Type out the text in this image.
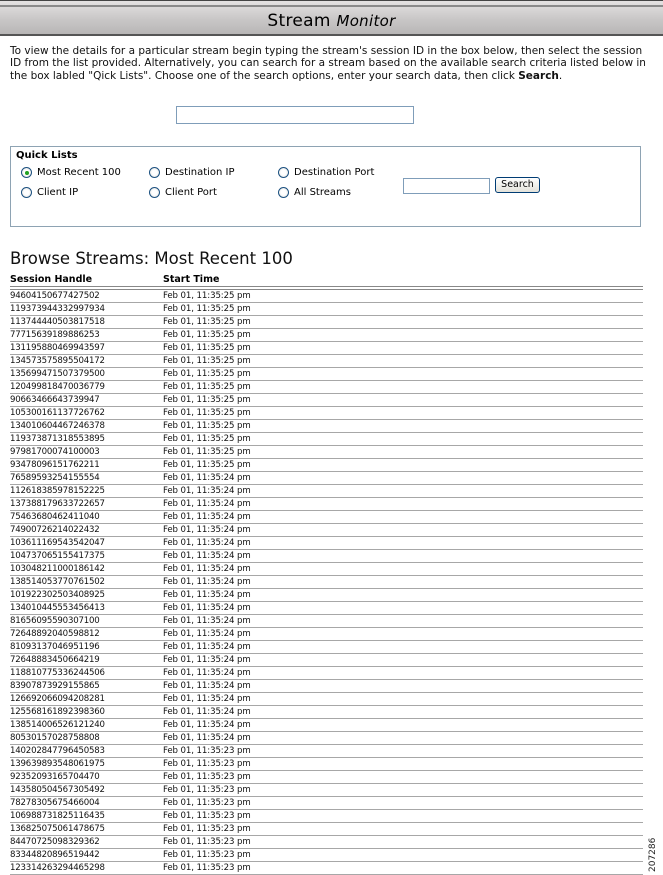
Stream Monitor
To view the details for a particular stream begin typing the stream's session ID in the box below, then select the session ID from the list provided. Alternatively, you can search for a stream based on the available search criteria listed below in the box labled "Qick Lists". Choose one of the search options, enter your search data, then click Search.
Quick Lists
Most Recent 100	Destination IP	Destination Port
Client IP	Client Port	All Streams
Search
Browse Streams: Most Recent 100
Session Handle	Start Time
94604150677427502	Feb 01, 11:35:25 pm
119373944332997934	Feb 01, 11:35:25 pm
113744440503817518	Feb 01, 11:35:25 pm
77715639189886253	Feb 01, 11:35:25 pm
131195880469943597	Feb 01, 11:35:25 pm
134573575895504172	Feb 01, 11:35:25 pm
135699471507379500	Feb 01, 11:35:25 pm
120499818470036779	Feb 01, 11:35:25 pm
90663466643739947	Feb 01, 11:35:25 pm
105300161137726762	Feb 01, 11:35:25 pm
134010604467246378	Feb 01, 11:35:25 pm
119373871318553895	Feb 01, 11:35:25 pm
97981700074100003	Feb 01, 11:35:25 pm
93478096151762211	Feb 01, 11:35:25 pm
76589593254155554	Feb 01, 11:35:24 pm
112618385978152225	Feb 01, 11:35:24 pm
137388179633722657	Feb 01, 11:35:24 pm
75463680462411040	Feb 01, 11:35:24 pm
74900726214022432	Feb 01, 11:35:24 pm
103611169543542047	Feb 01, 11:35:24 pm
104737065155417375	Feb 01, 11:35:24 pm
103048211000186142	Feb 01, 11:35:24 pm
138514053770761502	Feb 01, 11:35:24 pm
101922302503408925	Feb 01, 11:35:24 pm
134010445553456413	Feb 01, 11:35:24 pm
81656095590307100	Feb 01, 11:35:24 pm
72648892040598812	Feb 01, 11:35:24 pm
81093137046951196	Feb 01, 11:35:24 pm
72648883450664219	Feb 01, 11:35:24 pm
118810775336244506	Feb 01, 11:35:24 pm
83907873929155865	Feb 01, 11:35:24 pm
126692066094208281	Feb 01, 11:35:24 pm
125568161892398360	Feb 01, 11:35:24 pm
138514006526121240	Feb 01, 11:35:24 pm
80530157028758808	Feb 01, 11:35:24 pm
140202847796450583	Feb 01, 11:35:23 pm
139639893548061975	Feb 01, 11:35:23 pm
92352093165704470	Feb 01, 11:35:23 pm
143580504567305492	Feb 01, 11:35:23 pm
78278305675466004	Feb 01, 11:35:23 pm
106988731825116435	Feb 01, 11:35:23 pm
136825075061478675	Feb 01, 11:35:23 pm
84470725098329362	Feb 01, 11:35:23 pm
83344820896519442	Feb 01, 11:35:23 pm
123314263294465298	Feb 01, 11:35:23 pm	207286
